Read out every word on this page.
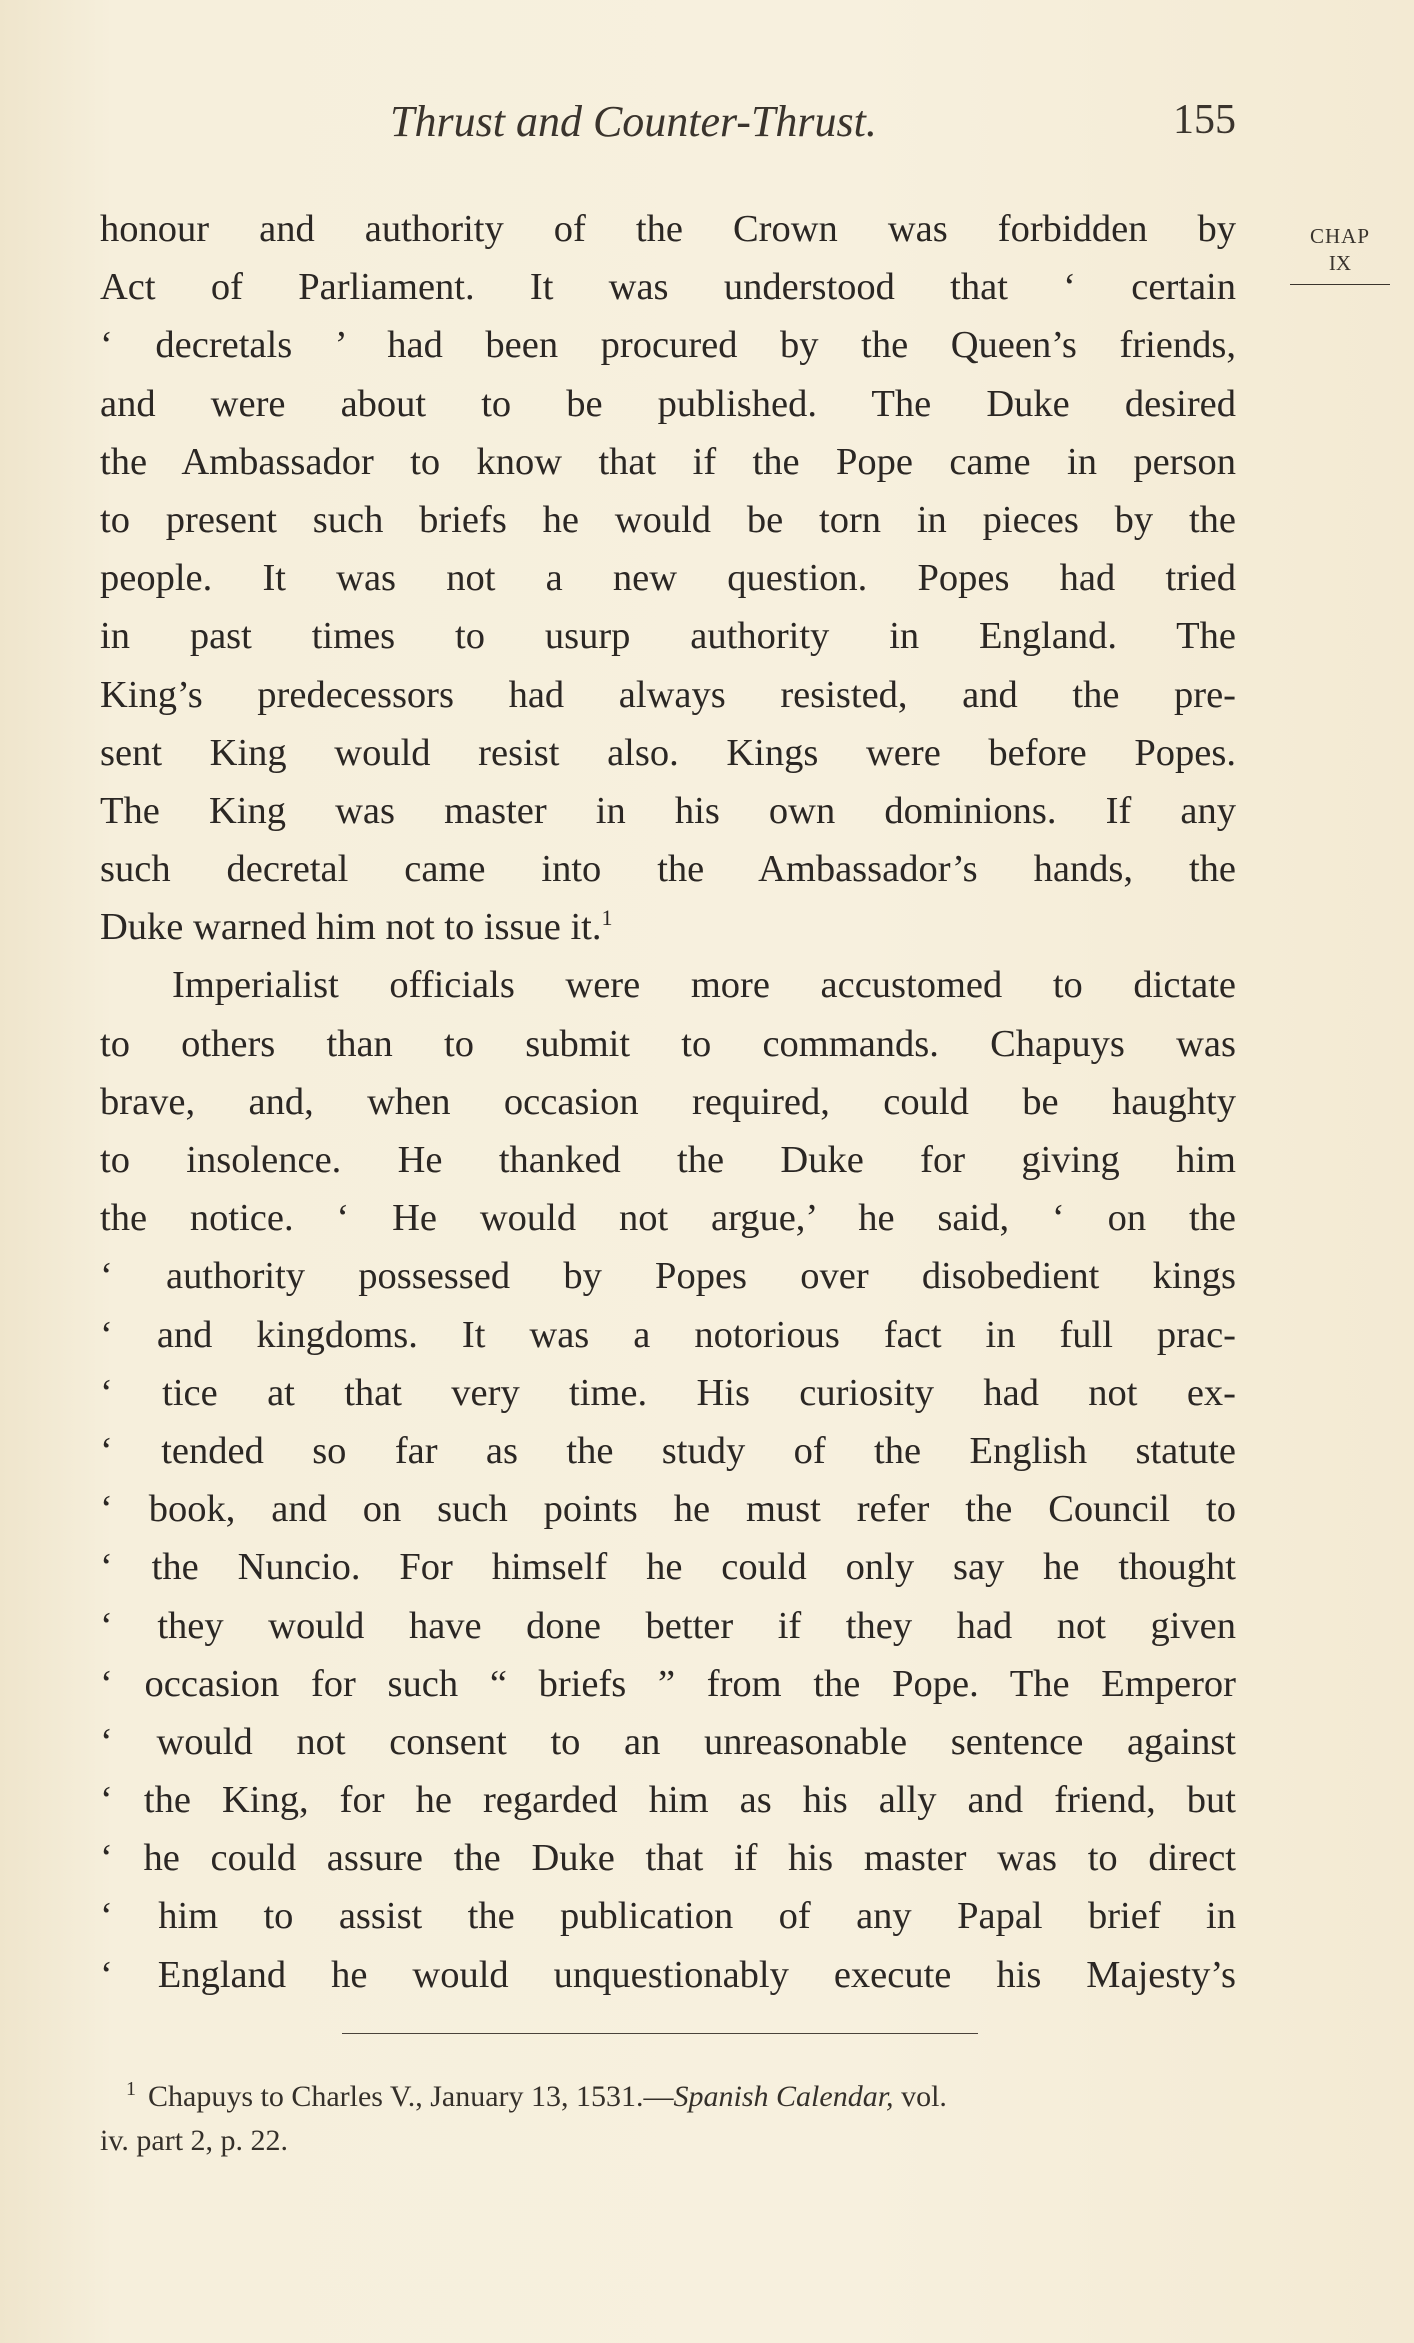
Thrust and Counter-Thrust.	155
CHAP
IX
honour and authority of the Crown was forbidden by
Act of Parliament. It was understood that ‘ certain
‘ decretals ’ had been procured by the Queen’s friends,
and were about to be published. The Duke desired
the Ambassador to know that if the Pope came in person
to present such briefs he would be torn in pieces by the
people. It was not a new question. Popes had tried
in past times to usurp authority in England. The
King’s predecessors had always resisted, and the pre-
sent King would resist also. Kings were before Popes.
The King was master in his own dominions. If any
such decretal came into the Ambassador’s hands, the
Duke warned him not to issue it.$^1$
Imperialist officials were more accustomed to dictate
to others than to submit to commands. Chapuys was
brave, and, when occasion required, could be haughty
to insolence. He thanked the Duke for giving him
the notice. ‘ He would not argue,’ he said, ‘ on the
‘ authority possessed by Popes over disobedient kings
‘ and kingdoms. It was a notorious fact in full prac-
‘ tice at that very time. His curiosity had not ex-
‘ tended so far as the study of the English statute
‘ book, and on such points he must refer the Council to
‘ the Nuncio. For himself he could only say he thought
‘ they would have done better if they had not given
‘ occasion for such “ briefs ” from the Pope. The Emperor
‘ would not consent to an unreasonable sentence against
‘ the King, for he regarded him as his ally and friend, but
‘ he could assure the Duke that if his master was to direct
‘ him to assist the publication of any Papal brief in
‘ England he would unquestionably execute his Majesty’s
$^1$ Chapuys to Charles V., January 13, 1531.—Spanish Calendar, vol.
iv. part 2, p. 22.
